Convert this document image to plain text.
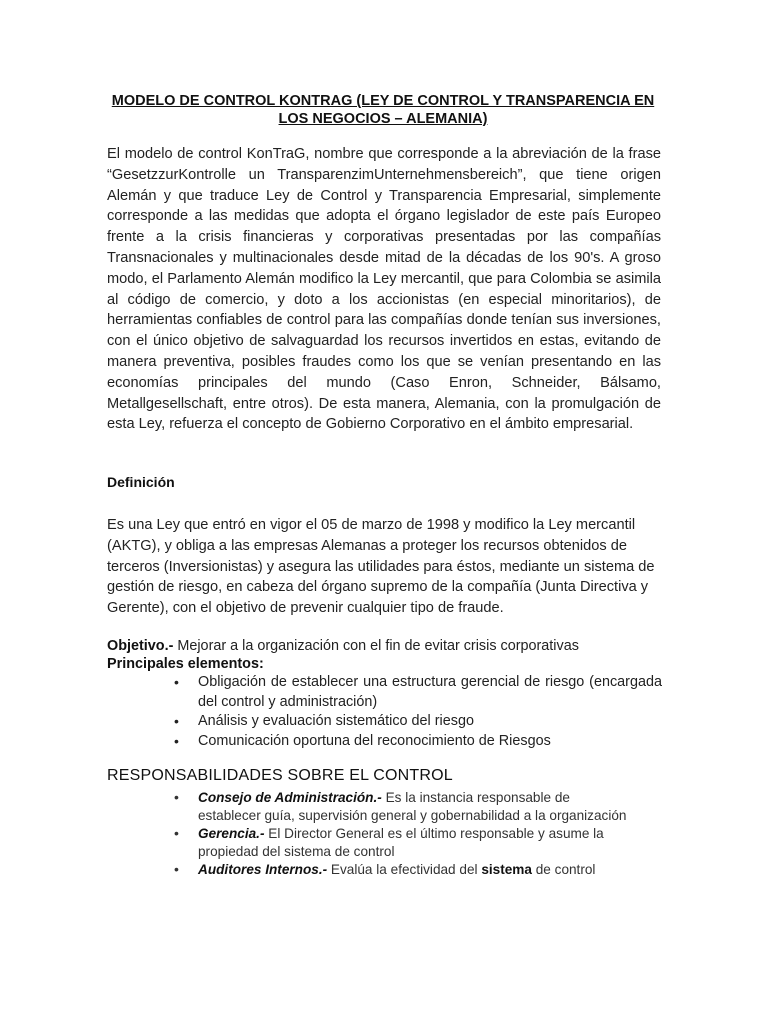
MODELO DE CONTROL KONTRAG (LEY DE CONTROL Y TRANSPARENCIA EN LOS NEGOCIOS – ALEMANIA)
El modelo de control KonTraG, nombre que corresponde a la abreviación de la frase “GesetzzurKontrolle un TransparenzimUnternehmensbereich”, que tiene origen Alemán y que traduce Ley de Control y Transparencia Empresarial, simplemente corresponde a las medidas que adopta el órgano legislador de este país Europeo frente a la crisis financieras y corporativas presentadas por las compañías Transnacionales y multinacionales desde mitad de la décadas de los 90's. A groso modo, el Parlamento Alemán modifico la Ley mercantil, que para Colombia se asimila al código de comercio, y doto a los accionistas (en especial minoritarios), de herramientas confiables de control para las compañías donde tenían sus inversiones, con el único objetivo de salvaguardad los recursos invertidos en estas, evitando de manera preventiva, posibles fraudes como los que se venían presentando en las economías principales del mundo (Caso Enron, Schneider, Bálsamo, Metallgesellschaft, entre otros). De esta manera, Alemania, con la promulgación de esta Ley, refuerza el concepto de Gobierno Corporativo en el ámbito empresarial.
Definición
Es una Ley que entró en vigor el 05 de marzo de 1998 y modifico la Ley mercantil (AKTG), y obliga a las empresas Alemanas a proteger los recursos obtenidos de terceros (Inversionistas) y asegura las utilidades para éstos, mediante un sistema de gestión de riesgo, en cabeza del órgano supremo de la compañía (Junta Directiva y Gerente), con el objetivo de prevenir cualquier tipo de fraude.
Objetivo.- Mejorar a la organización con el fin de evitar crisis corporativas
Principales elementos:
• Obligación de establecer una estructura gerencial de riesgo (encargada del control y administración)
• Análisis y evaluación sistemático del riesgo
• Comunicación oportuna del reconocimiento de Riesgos
RESPONSABILIDADES SOBRE EL CONTROL
• Consejo de Administración.- Es la instancia responsable de establecer guía, supervisión general y gobernabilidad a la organización
• Gerencia.- El Director General es el último responsable y asume la propiedad del sistema de control
• Auditores Internos.- Evalúa la efectividad del sistema de control
